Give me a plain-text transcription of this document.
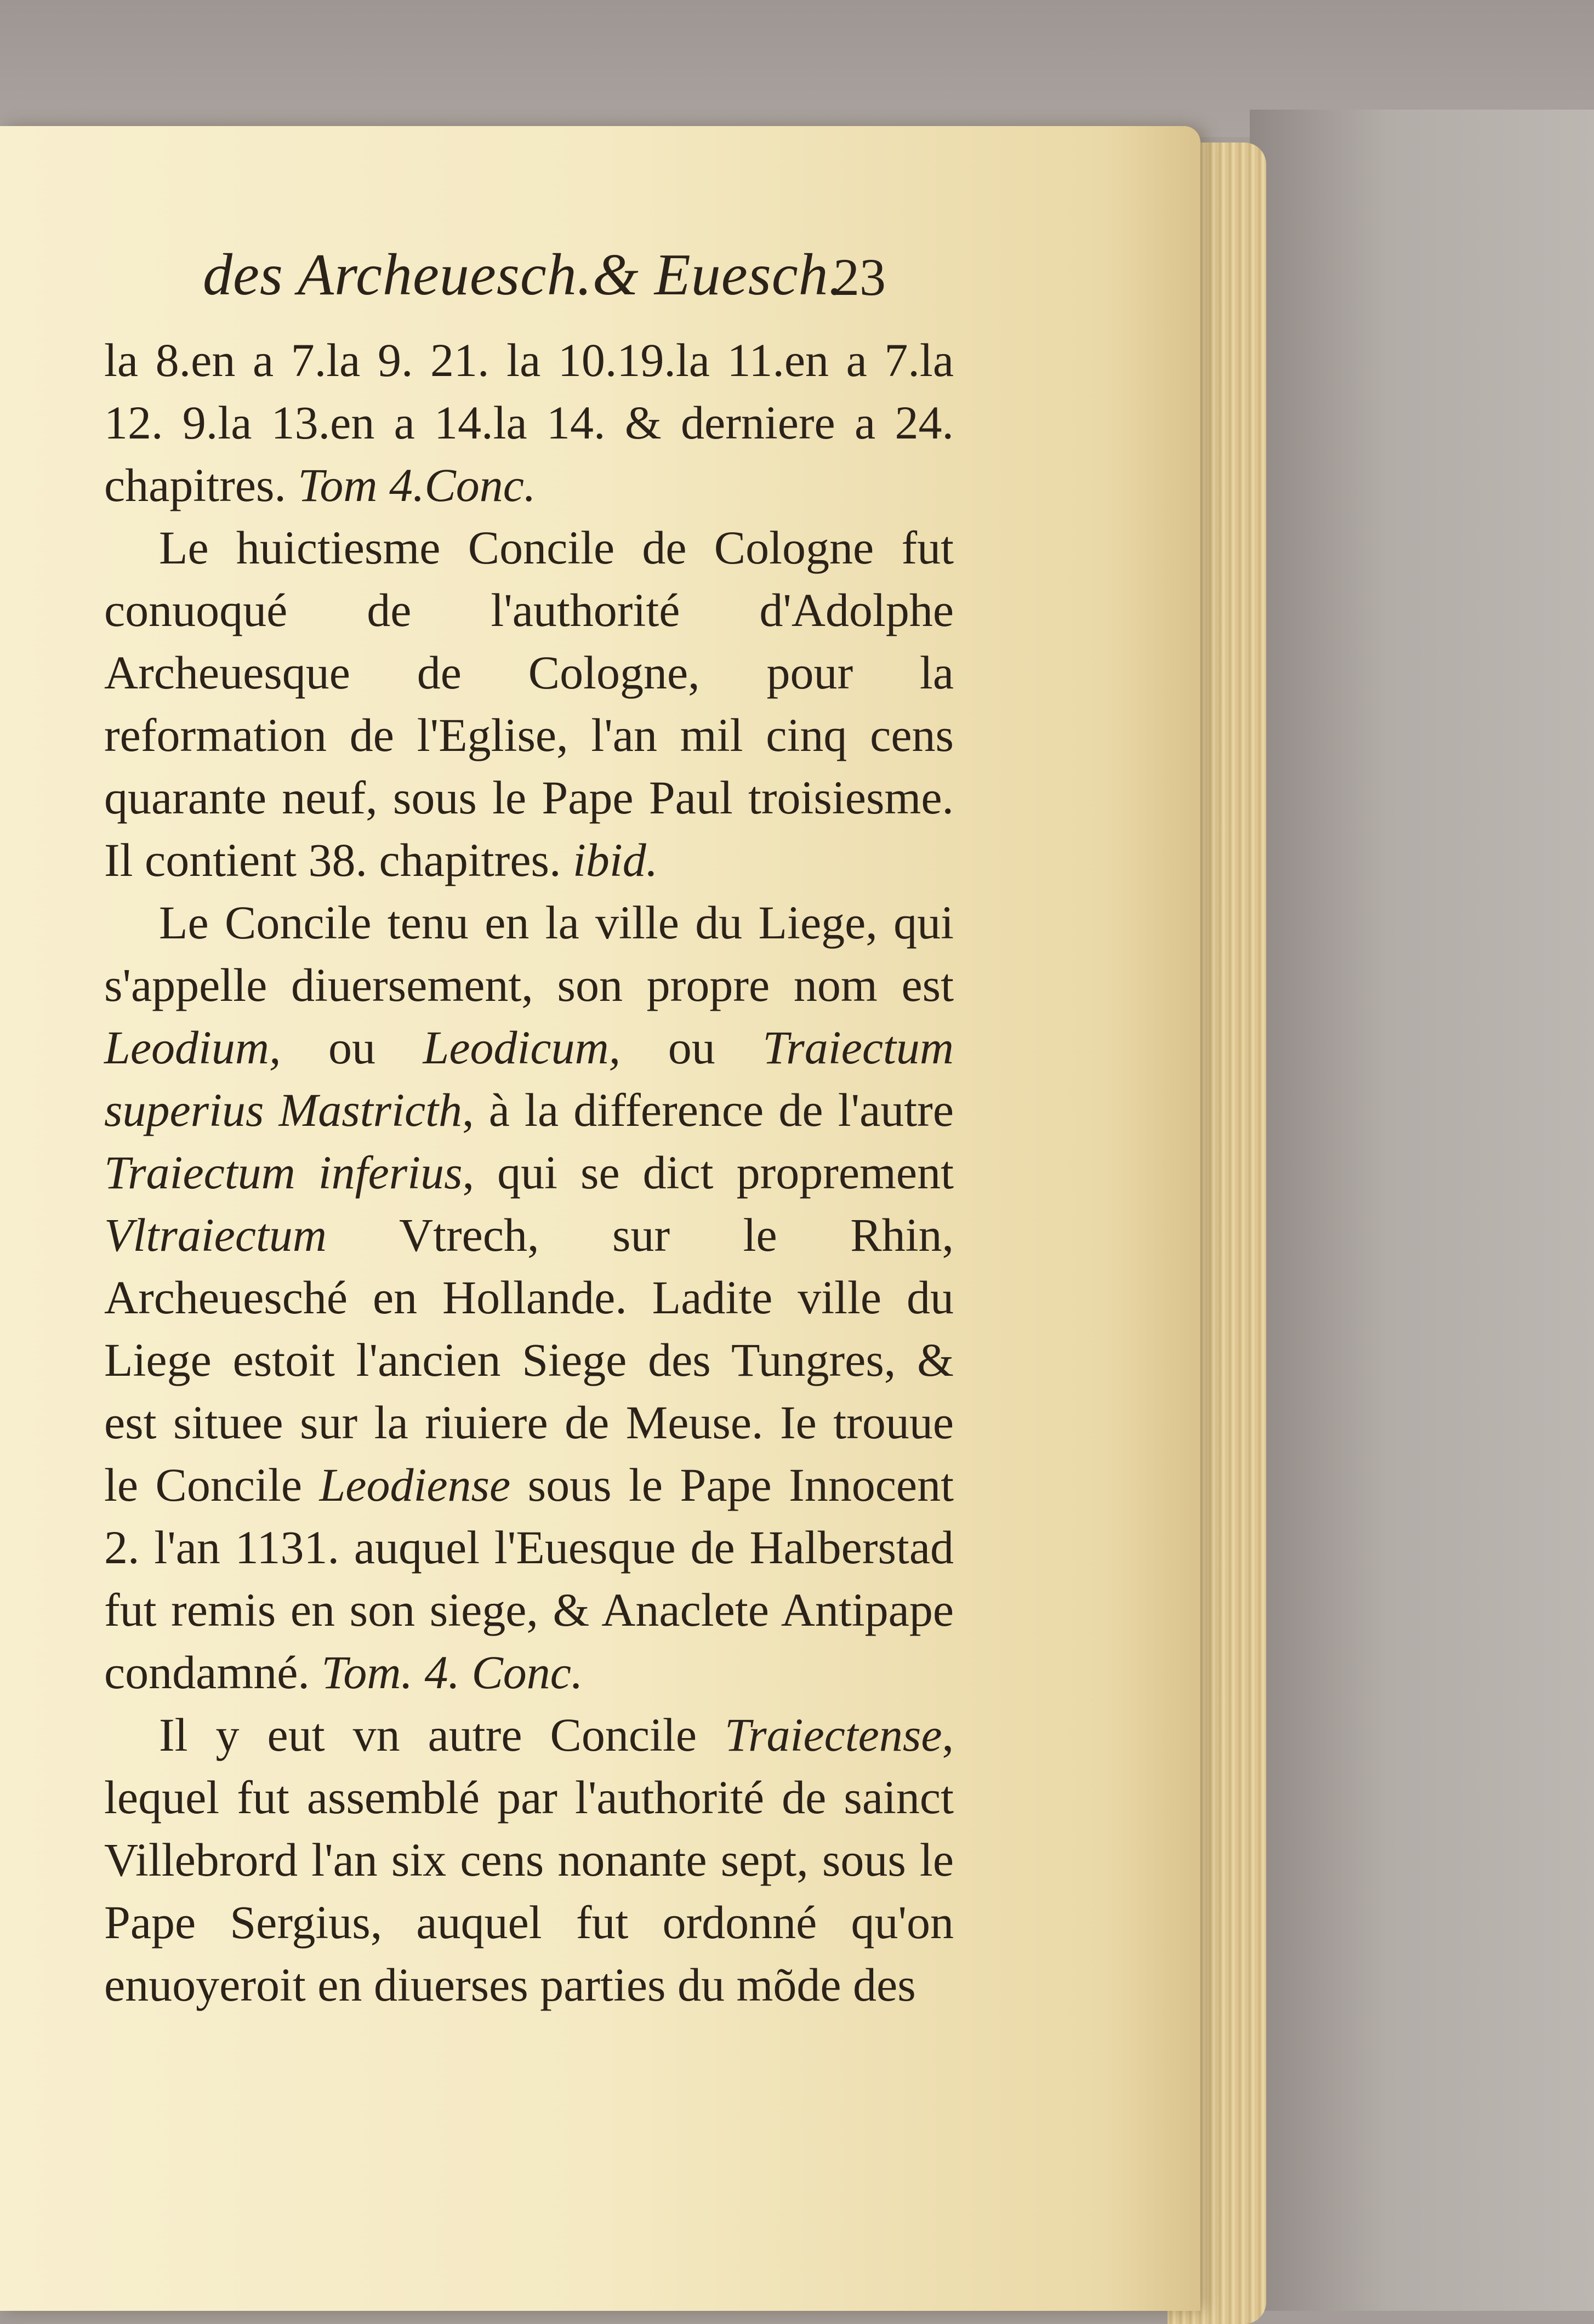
des Archeuesch.& Euesch.
23

la 8.en a 7.la 9. 21. la 10.19.la 11.en a 7.la 12. 9.la 13.en a 14.la 14. & derniere a 24. chapitres. Tom 4.Conc.

Le huictiesme Concile de Cologne fut conuoqué de l'authorité d'Adolphe Archeuesque de Cologne, pour la reformation de l'Eglise, l'an mil cinq cens quarante neuf, sous le Pape Paul troisiesme. Il contient 38. chapitres. ibid.

Le Concile tenu en la ville du Liege, qui s'appelle diuersement, son propre nom est Leodium, ou Leodicum, ou Traiectum superius Mastricth, à la difference de l'autre Traiectum inferius, qui se dict proprement Vltraiectum Vtrech, sur le Rhin, Archeuesché en Hollande. Ladite ville du Liege estoit l'ancien Siege des Tungres, & est situee sur la riuiere de Meuse. Ie trouue le Concile Leodiense sous le Pape Innocent 2. l'an 1131. auquel l'Euesque de Halberstad fut remis en son siege, & Anaclete Antipape condamné. Tom. 4. Conc.

Il y eut vn autre Concile Traiectense, lequel fut assemblé par l'authorité de sainct Villebrord l'an six cens nonante sept, sous le Pape Sergius, auquel fut ordonné qu'on enuoyeroit en diuerses parties du mõde des
